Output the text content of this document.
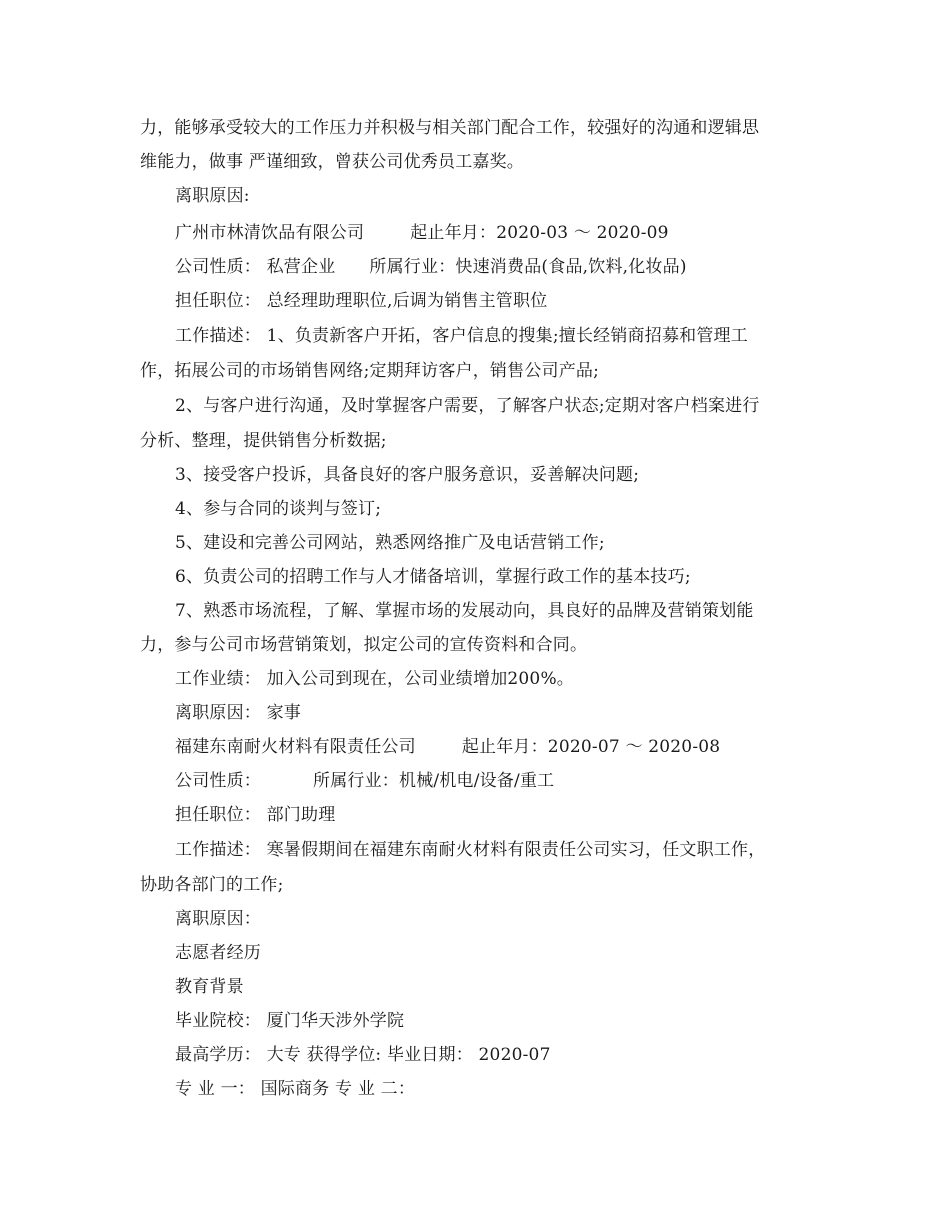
力，能够承受较大的工作压力并积极与相关部门配合工作，较强好的沟通和逻辑思
维能力，做事 严谨细致，曾获公司优秀员工嘉奖。
离职原因:
广州市林清饮品有限公司	起止年月：2020-03 ～ 2020-09
公司性质： 私营企业 所属行业：快速消费品(食品,饮料,化妆品)
担任职位： 总经理助理职位,后调为销售主管职位
工作描述： 1、负责新客户开拓，客户信息的搜集;擅长经销商招募和管理工
作，拓展公司的市场销售网络;定期拜访客户，销售公司产品;
2、与客户进行沟通，及时掌握客户需要，了解客户状态;定期对客户档案进行
分析、整理，提供销售分析数据;
3、接受客户投诉，具备良好的客户服务意识，妥善解决问题;
4、参与合同的谈判与签订;
5、建设和完善公司网站，熟悉网络推广及电话营销工作;
6、负责公司的招聘工作与人才储备培训，掌握行政工作的基本技巧;
7、熟悉市场流程，了解、掌握市场的发展动向，具良好的品牌及营销策划能
力，参与公司市场营销策划，拟定公司的宣传资料和合同。
工作业绩： 加入公司到现在，公司业绩增加200%。
离职原因： 家事
福建东南耐火材料有限责任公司	起止年月：2020-07 ～ 2020-08
公司性质：	所属行业：机械/机电/设备/重工
担任职位： 部门助理
工作描述： 寒暑假期间在福建东南耐火材料有限责任公司实习，任文职工作，
协助各部门的工作;
离职原因：
志愿者经历
教育背景
毕业院校： 厦门华天涉外学院
最高学历： 大专 获得学位: 毕业日期： 2020-07
专 业 一： 国际商务 专 业 二：
